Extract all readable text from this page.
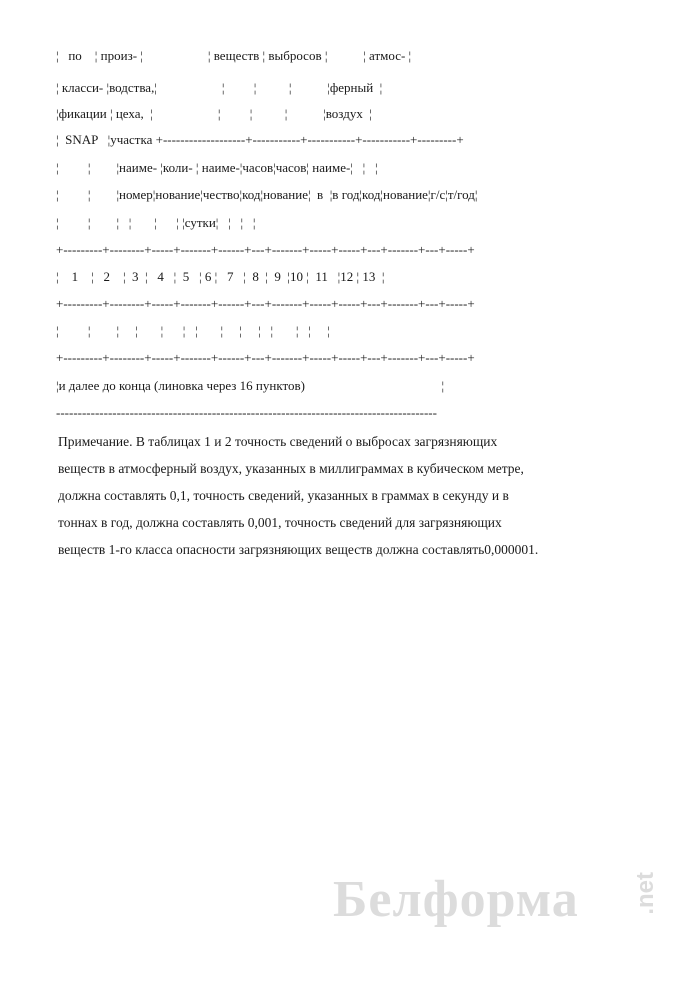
¦   по    ¦ произ- ¦                    ¦ веществ ¦ выбросов ¦           ¦ атмос- ¦
¦ класси- ¦водства,¦                    ¦         ¦          ¦           ¦ферный  ¦
¦фикации ¦ цеха,  ¦                    ¦         ¦          ¦           ¦воздух  ¦
¦  SNAP   ¦участка +-------------------+-----------+-----------+-----------+---------+
¦         ¦        ¦наиме- ¦коли- ¦ наиме-¦часов¦часов¦ наиме-¦   ¦   ¦
¦         ¦        ¦номер¦нование¦чество¦код¦нование¦  в  ¦в год¦код¦нование¦г/с¦т/год¦
¦         ¦        ¦   ¦       ¦      ¦ ¦сутки¦   ¦   ¦   ¦
+---------+--------+-----+-------+------+---+-------+-----+-----+---+-------+---+-----+
¦    1    ¦   2    ¦  3  ¦   4   ¦  5   ¦ 6 ¦   7   ¦  8  ¦  9  ¦10 ¦  11   ¦12 ¦ 13  ¦
+---------+--------+-----+-------+------+---+-------+-----+-----+---+-------+---+-----+
¦         ¦        ¦     ¦       ¦      ¦   ¦       ¦     ¦     ¦   ¦       ¦   ¦     ¦
+---------+--------+-----+-------+------+---+-------+-----+-----+---+-------+---+-----+
¦и далее до конца (линовка через 16 пунктов)                                          ¦
----------------------------------------------------------------------------------------

Примечание. В таблицах 1 и 2 точность сведений о выбросах загрязняющих

веществ в атмосферный воздух, указанных в миллиграммах в кубическом метре,

должна составлять 0,1, точность сведений, указанных в граммах в секунду и в

тоннах в год, должна составлять 0,001, точность сведений для загрязняющих

веществ 1-го класса опасности загрязняющих веществ должна составлять0,000001.

Белформа .net
